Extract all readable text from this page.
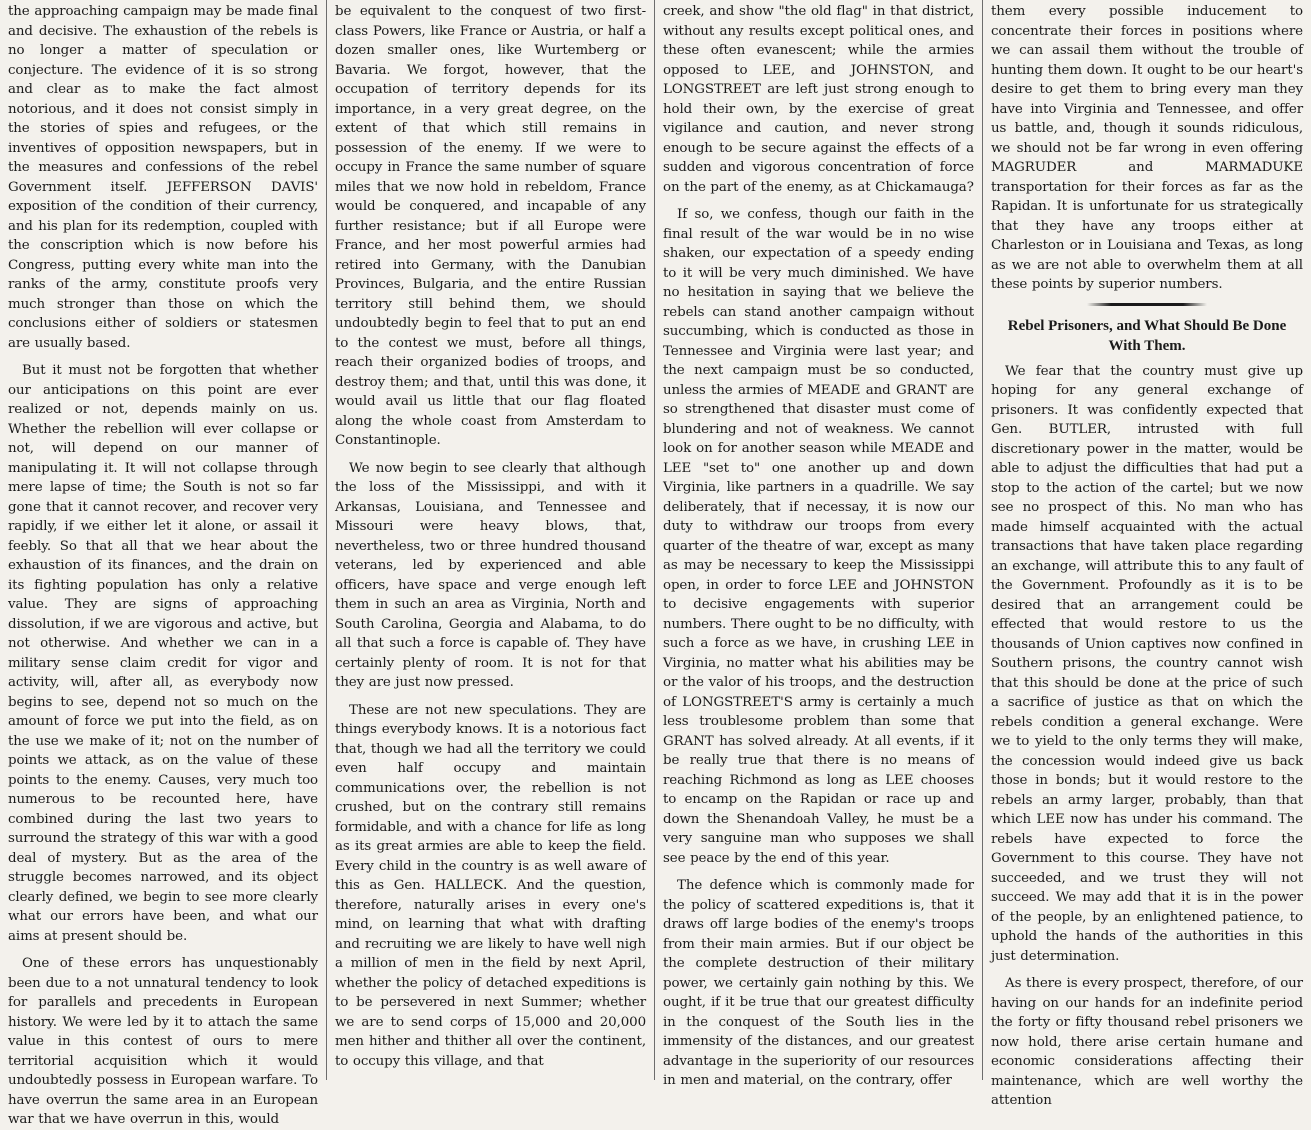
the approaching campaign may be made final and decisive. The exhaustion of the rebels is no longer a matter of speculation or conjecture. The evidence of it is so strong and clear as to make the fact almost notorious, and it does not consist simply in the stories of spies and refugees, or the inventives of opposition newspapers, but in the measures and confessions of the rebel Government itself. JEFFERSON DAVIS' exposition of the condition of their currency, and his plan for its redemption, coupled with the conscription which is now before his Congress, putting every white man into the ranks of the army, constitute proofs very much stronger than those on which the conclusions either of soldiers or statesmen are usually based.

But it must not be forgotten that whether our anticipations on this point are ever realized or not, depends mainly on us. Whether the rebellion will ever collapse or not, will depend on our manner of manipulating it. It will not collapse through mere lapse of time; the South is not so far gone that it cannot recover, and recover very rapidly, if we either let it alone, or assail it feebly. So that all that we hear about the exhaustion of its finances, and the drain on its fighting population has only a relative value. They are signs of approaching dissolution, if we are vigorous and active, but not otherwise. And whether we can in a military sense claim credit for vigor and activity, will, after all, as everybody now begins to see, depend not so much on the amount of force we put into the field, as on the use we make of it; not on the number of points we attack, as on the value of these points to the enemy. Causes, very much too numerous to be recounted here, have combined during the last two years to surround the strategy of this war with a good deal of mystery. But as the area of the struggle becomes narrowed, and its object clearly defined, we begin to see more clearly what our errors have been, and what our aims at present should be.

One of these errors has unquestionably been due to a not unnatural tendency to look for parallels and precedents in European history. We were led by it to attach the same value in this contest of ours to mere territorial acquisition which it would undoubtedly possess in European warfare. To have overrun the same area in an European war that we have overrun in this, would

be equivalent to the conquest of two first-class Powers, like France or Austria, or half a dozen smaller ones, like Wurtemberg or Bavaria. We forgot, however, that the occupation of territory depends for its importance, in a very great degree, on the extent of that which still remains in possession of the enemy. If we were to occupy in France the same number of square miles that we now hold in rebeldom, France would be conquered, and incapable of any further resistance; but if all Europe were France, and her most powerful armies had retired into Germany, with the Danubian Provinces, Bulgaria, and the entire Russian territory still behind them, we should undoubtedly begin to feel that to put an end to the contest we must, before all things, reach their organized bodies of troops, and destroy them; and that, until this was done, it would avail us little that our flag floated along the whole coast from Amsterdam to Constantinople.

We now begin to see clearly that although the loss of the Mississippi, and with it Arkansas, Louisiana, and Tennessee and Missouri were heavy blows, that, nevertheless, two or three hundred thousand veterans, led by experienced and able officers, have space and verge enough left them in such an area as Virginia, North and South Carolina, Georgia and Alabama, to do all that such a force is capable of. They have certainly plenty of room. It is not for that they are just now pressed.

These are not new speculations. They are things everybody knows. It is a notorious fact that, though we had all the territory we could even half occupy and maintain communications over, the rebellion is not crushed, but on the contrary still remains formidable, and with a chance for life as long as its great armies are able to keep the field. Every child in the country is as well aware of this as Gen. HALLECK. And the question, therefore, naturally arises in every one's mind, on learning that what with drafting and recruiting we are likely to have well nigh a million of men in the field by next April, whether the policy of detached expeditions is to be persevered in next Summer; whether we are to send corps of 15,000 and 20,000 men hither and thither all over the continent, to occupy this village, and that

creek, and show "the old flag" in that district, without any results except political ones, and these often evanescent; while the armies opposed to LEE, and JOHNSTON, and LONGSTREET are left just strong enough to hold their own, by the exercise of great vigilance and caution, and never strong enough to be secure against the effects of a sudden and vigorous concentration of force on the part of the enemy, as at Chickamauga?

If so, we confess, though our faith in the final result of the war would be in no wise shaken, our expectation of a speedy ending to it will be very much diminished. We have no hesitation in saying that we believe the rebels can stand another campaign without succumbing, which is conducted as those in Tennessee and Virginia were last year; and the next campaign must be so conducted, unless the armies of MEADE and GRANT are so strengthened that disaster must come of blundering and not of weakness. We cannot look on for another season while MEADE and LEE "set to" one another up and down Virginia, like partners in a quadrille. We say deliberately, that if necessay, it is now our duty to withdraw our troops from every quarter of the theatre of war, except as many as may be necessary to keep the Mississippi open, in order to force LEE and JOHNSTON to decisive engagements with superior numbers. There ought to be no difficulty, with such a force as we have, in crushing LEE in Virginia, no matter what his abilities may be or the valor of his troops, and the destruction of LONGSTREET'S army is certainly a much less troublesome problem than some that GRANT has solved already. At all events, if it be really true that there is no means of reaching Richmond as long as LEE chooses to encamp on the Rapidan or race up and down the Shenandoah Valley, he must be a very sanguine man who supposes we shall see peace by the end of this year.

The defence which is commonly made for the policy of scattered expeditions is, that it draws off large bodies of the enemy's troops from their main armies. But if our object be the complete destruction of their military power, we certainly gain nothing by this. We ought, if it be true that our greatest difficulty in the conquest of the South lies in the immensity of the distances, and our greatest advantage in the superiority of our resources in men and material, on the contrary, offer

them every possible inducement to concentrate their forces in positions where we can assail them without the trouble of hunting them down. It ought to be our heart's desire to get them to bring every man they have into Virginia and Tennessee, and offer us battle, and, though it sounds ridiculous, we should not be far wrong in even offering MAGRUDER and MARMADUKE transportation for their forces as far as the Rapidan. It is unfortunate for us strategically that they have any troops either at Charleston or in Louisiana and Texas, as long as we are not able to overwhelm them at all these points by superior numbers.

Rebel Prisoners, and What Should Be Done With Them.

We fear that the country must give up hoping for any general exchange of prisoners. It was confidently expected that Gen. BUTLER, intrusted with full discretionary power in the matter, would be able to adjust the difficulties that had put a stop to the action of the cartel; but we now see no prospect of this. No man who has made himself acquainted with the actual transactions that have taken place regarding an exchange, will attribute this to any fault of the Government. Profoundly as it is to be desired that an arrangement could be effected that would restore to us the thousands of Union captives now confined in Southern prisons, the country cannot wish that this should be done at the price of such a sacrifice of justice as that on which the rebels condition a general exchange. Were we to yield to the only terms they will make, the concession would indeed give us back those in bonds; but it would restore to the rebels an army larger, probably, than that which LEE now has under his command. The rebels have expected to force the Government to this course. They have not succeeded, and we trust they will not succeed. We may add that it is in the power of the people, by an enlightened patience, to uphold the hands of the authorities in this just determination.

As there is every prospect, therefore, of our having on our hands for an indefinite period the forty or fifty thousand rebel prisoners we now hold, there arise certain humane and economic considerations affecting their maintenance, which are well worthy the attention
